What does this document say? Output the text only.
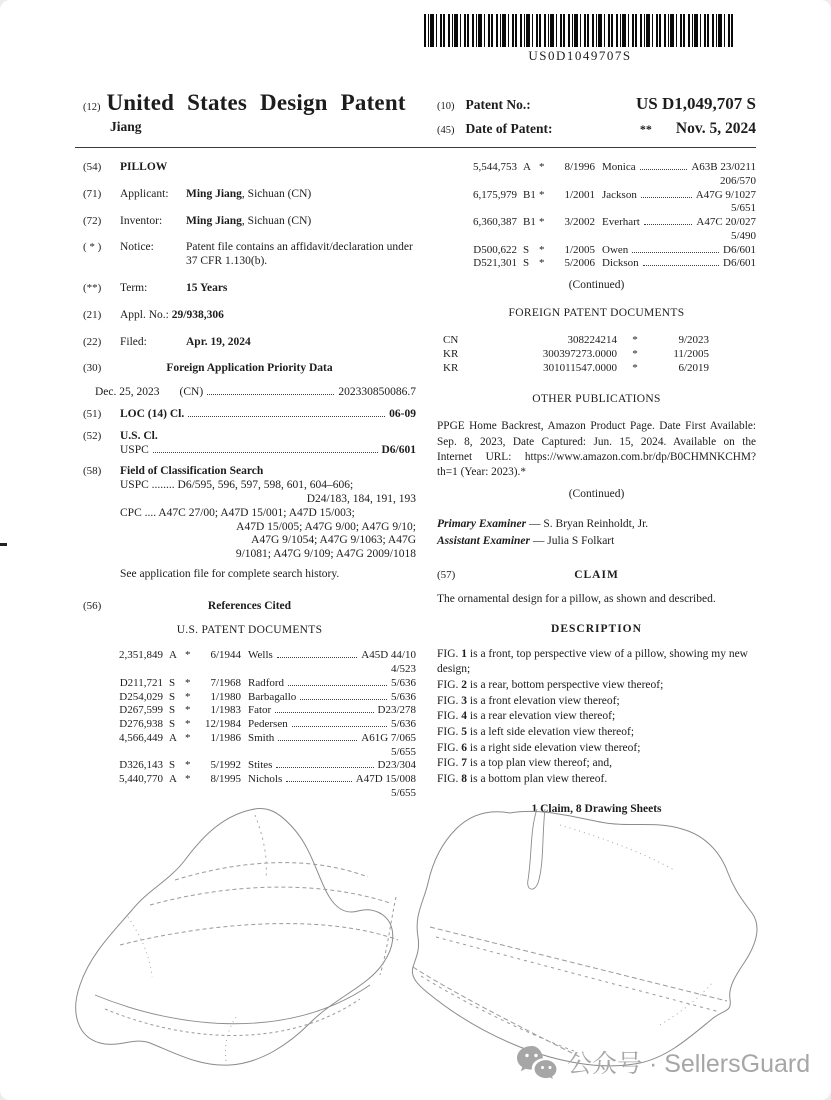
US0D1049707S
(12) United States Design Patent
Jiang
(10) Patent No.:	US D1,049,707 S
(45) Date of Patent:	** Nov. 5, 2024
(54)	PILLOW
(71)	Applicant:	Ming Jiang, Sichuan (CN)
(72)	Inventor:	Ming Jiang, Sichuan (CN)
( * )	Notice:	Patent file contains an affidavit/declaration under 37 CFR 1.130(b).
(**)	Term:	15 Years
(21)	Appl. No.: 29/938,306
(22)	Filed:	Apr. 19, 2024
(30)	Foreign Application Priority Data
Dec. 25, 2023 (CN)	202330850086.7
(51)	LOC (14) Cl.	06-09
(52)	U.S. Cl.
USPC	D6/601
(58)	Field of Classification Search
USPC ........ D6/595, 596, 597, 598, 601, 604–606;
D24/183, 184, 191, 193
CPC .... A47C 27/00; A47D 15/001; A47D 15/003;
A47D 15/005; A47G 9/00; A47G 9/10;
A47G 9/1054; A47G 9/1063; A47G
9/1081; A47G 9/109; A47G 2009/1018
See application file for complete search history.
(56)	References Cited
U.S. PATENT DOCUMENTS
2,351,849 A *	6/1944 Wells	A45D 44/10
4/523
D211,721 S *	7/1968 Radford	5/636
D254,029 S *	1/1980 Barbagallo	5/636
D267,599 S *	1/1983 Fator	D23/278
D276,938 S *	12/1984 Pedersen	5/636
4,566,449 A *	1/1986 Smith	A61G 7/065
5/655
D326,143 S *	5/1992 Stites	D23/304
5,440,770 A *	8/1995 Nichols	A47D 15/008
5/655
5,544,753 A *	8/1996 Monica	A63B 23/0211
206/570
6,175,979 B1 *	1/2001 Jackson	A47G 9/1027
5/651
6,360,387 B1 *	3/2002 Everhart	A47C 20/027
5/490
D500,622 S *	1/2005 Owen	D6/601
D521,301 S *	5/2006 Dickson	D6/601
(Continued)
FOREIGN PATENT DOCUMENTS
CN	308224214	*	9/2023
KR	300397273.0000	*	11/2005
KR	301011547.0000	*	6/2019
OTHER PUBLICATIONS
PPGE Home Backrest, Amazon Product Page. Date First Available:
Sep. 8, 2023, Date Captured: Jun. 15, 2024. Available on the
Internet URL: https://www.amazon.com.br/dp/B0CHMNKCHM?
th=1 (Year: 2023).*
(Continued)
Primary Examiner — S. Bryan Reinholdt, Jr.
Assistant Examiner — Julia S Folkart
(57)	CLAIM
The ornamental design for a pillow, as shown and described.
DESCRIPTION
FIG. 1 is a front, top perspective view of a pillow, showing my new design;
FIG. 2 is a rear, bottom perspective view thereof;
FIG. 3 is a front elevation view thereof;
FIG. 4 is a rear elevation view thereof;
FIG. 5 is a left side elevation view thereof;
FIG. 6 is a right side elevation view thereof;
FIG. 7 is a top plan view thereof; and,
FIG. 8 is a bottom plan view thereof.
1 Claim, 8 Drawing Sheets
公众号 · SellersGuard
